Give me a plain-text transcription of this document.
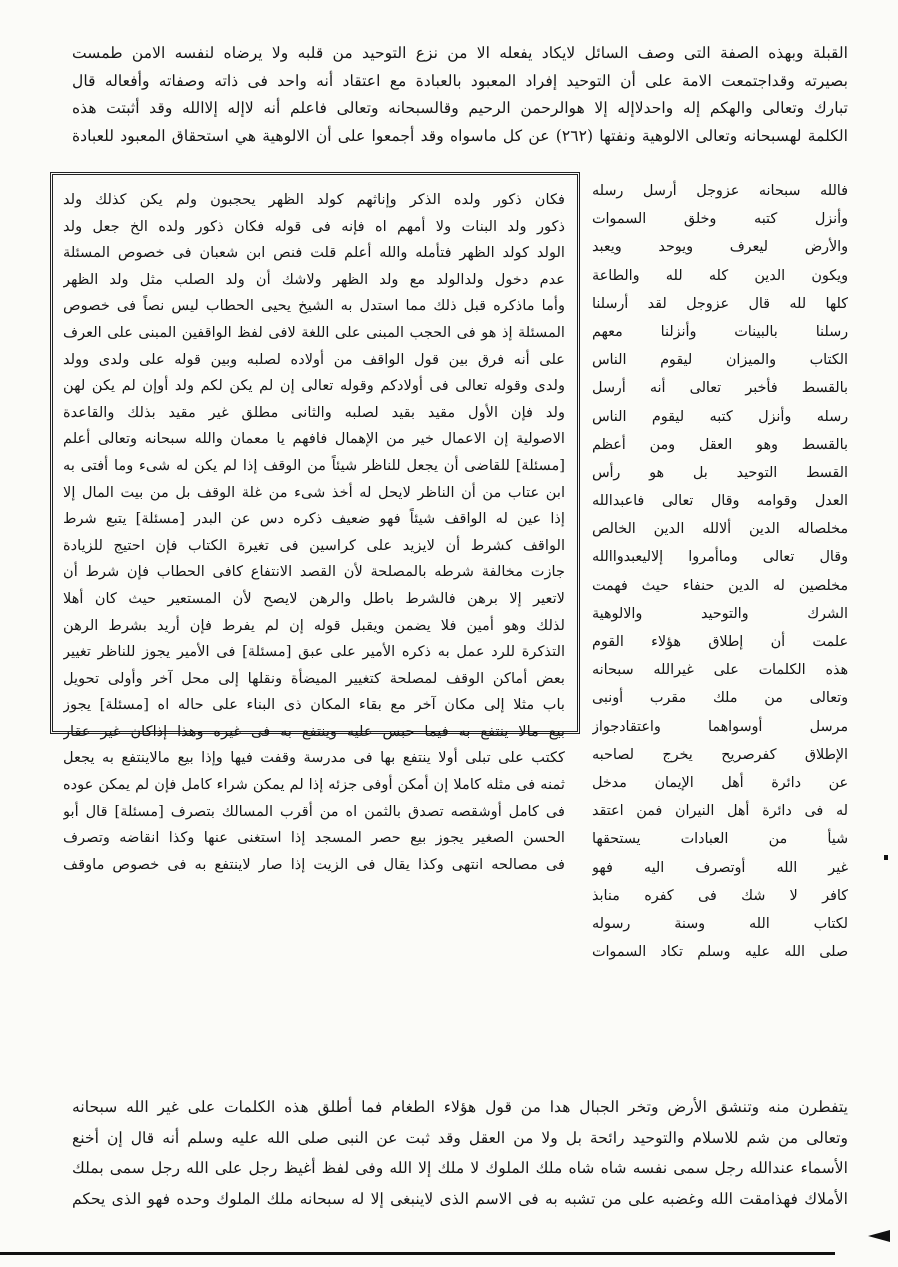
القبلة وبهذه الصفة التى وصف السائل لايكاد يفعله الا من نزع التوحيد من قلبه ولا يرضاه لنفسه الامن طمست
بصيرته وقداجتمعت الامة على أن التوحيد إفراد المعبود بالعبادة مع اعتقاد أنه واحد فى ذاته وصفاته وأفعاله قال
تبارك وتعالى والهكم إله واحدلاإله إلا هوالرحمن الرحيم وقالسبحانه وتعالى فاعلم أنه لاإله إلاالله وقد أثبتت هذه
الكلمة لهسبحانه وتعالى الالوهية ونفتها (٢٦٢) عن كل ماسواه وقد أجمعوا على أن الالوهية هي استحقاق المعبود للعبادة
فالله سبحانه عزوجل أرسل رسله
وأنزل كتبه وخلق السموات
والأرض ليعرف ويوحد ويعبد
ويكون الدين كله لله والطاعة
كلها لله قال عزوجل لقد أرسلنا
رسلنا بالبينات وأنزلنا معهم
الكتاب والميزان ليقوم الناس
بالقسط فأخبر تعالى أنه أرسل
رسله وأنزل كتبه ليقوم الناس
بالقسط وهو العقل ومن أعظم
القسط التوحيد بل هو رأس
العدل وقوامه وقال تعالى فاعبدالله
مخلصاله الدين ألالله الدين الخالص
وقال تعالى وماأمروا إلاليعبدواالله
مخلصين له الدين حنفاء حيث فهمت
الشرك والتوحيد والالوهية
علمت أن إطلاق هؤلاء القوم
هذه الكلمات على غيرالله سبحانه
وتعالى من ملك مقرب أونبى
مرسل أوسواهما واعتقادجواز
الإطلاق كفرصريح يخرج لصاحبه
عن دائرة أهل الإيمان مدخل
له فى دائرة أهل النيران فمن اعتقد
شيأ من العبادات يستحقها
غير الله أوتصرف اليه فهو
كافر لا شك فى كفره منابذ
لكتاب الله وسنة رسوله
صلى الله عليه وسلم تكاد السموات
فكان ذكور ولده الذكر وإناثهم كولد الظهر يحجبون ولم يكن كذلك ولد
ذكور ولد البنات ولا أمهم اه فإنه فى قوله فكان ذكور ولده الخ جعل ولد
الولد كولد الظهر فتأمله والله أعلم قلت فنص ابن شعبان فى خصوص المسئلة
عدم دخول ولدالولد مع ولد الظهر ولاشك أن ولد الصلب مثل ولد الظهر
وأما ماذكره قبل ذلك مما استدل به الشيخ يحيى الحطاب ليس نصاً فى خصوص
المسئلة إذ هو فى الحجب المبنى على اللغة لافى لفظ الواقفين المبنى على العرف
على أنه فرق بين قول الواقف من أولاده لصلبه وبين قوله على ولدى وولد
ولدى وقوله تعالى فى أولادكم وقوله تعالى إن لم يكن لكم ولد أوإن لم يكن لهن
ولد فإن الأول مقيد بقيد لصلبه والثانى مطلق غير مقيد بذلك والقاعدة
الاصولية إن الاعمال خير من الإهمال فافهم يا معمان والله سبحانه وتعالى أعلم
[مسئلة] للقاضى أن يجعل للناظر شيئاً من الوقف إذا لم يكن له شىء وما أفتى به
ابن عتاب من أن الناظر لايحل له أخذ شىء من غلة الوقف بل من بيت المال إلا
إذا عين له الواقف شيئاً فهو ضعيف ذكره دس عن البدر [مسئلة] يتبع شرط
الواقف كشرط أن لايزيد على كراسين فى تغيرة الكتاب فإن احتيج للزيادة
جازت مخالفة شرطه بالمصلحة لأن القصد الانتفاع كافى الحطاب فإن شرط أن
لاتعير إلا برهن فالشرط باطل والرهن لايصح لأن المستعير حيث كان أهلا
لذلك وهو أمين فلا يضمن ويقبل قوله إن لم يفرط فإن أريد بشرط الرهن
التذكرة للرد عمل به ذكره الأمير على عبق [مسئلة] فى الأمير يجوز للناظر تغيير
بعض أماكن الوقف لمصلحة كتغيير الميضأة ونقلها إلى محل آخر وأولى تحويل
باب مثلا إلى مكان آخر مع بقاء المكان ذى البناء على حاله اه [مسئلة] يجوز
بيع مالا ينتفع به فيما حبس عليه وينتفع به فى غيره وهذا إذاكان غير عقار
ككتب على تبلى أولا ينتفع بها فى مدرسة وقفت فيها وإذا بيع مالاينتفع به يجعل
ثمنه فى مثله كاملا إن أمكن أوفى جزئه إذا لم يمكن شراء كامل فإن لم يمكن عوده
فى كامل أوشقصه تصدق بالثمن اه من أقرب المسالك بتصرف [مسئلة] قال أبو
الحسن الصغير يجوز بيع حصر المسجد إذا استغنى عنها وكذا انقاضه وتصرف
فى مصالحه انتهى وكذا يقال فى الزيت إذا صار لاينتفع به فى خصوص ماوقف
يتفطرن منه وتنشق الأرض وتخر الجبال هدا من قول هؤلاء الطغام فما أطلق هذه الكلمات على غير الله سبحانه
وتعالى من شم للاسلام والتوحيد رائحة بل ولا من العقل وقد ثبت عن النبى صلى الله عليه وسلم أنه قال إن أخنع
الأسماء عندالله رجل سمى نفسه شاه شاه ملك الملوك لا ملك إلا الله وفى لفظ أغيظ رجل على الله رجل سمى بملك
الأملاك فهذامقت الله وغضبه على من تشبه به فى الاسم الذى لاينبغى إلا له سبحانه ملك الملوك وحده فهو الذى يحكم
